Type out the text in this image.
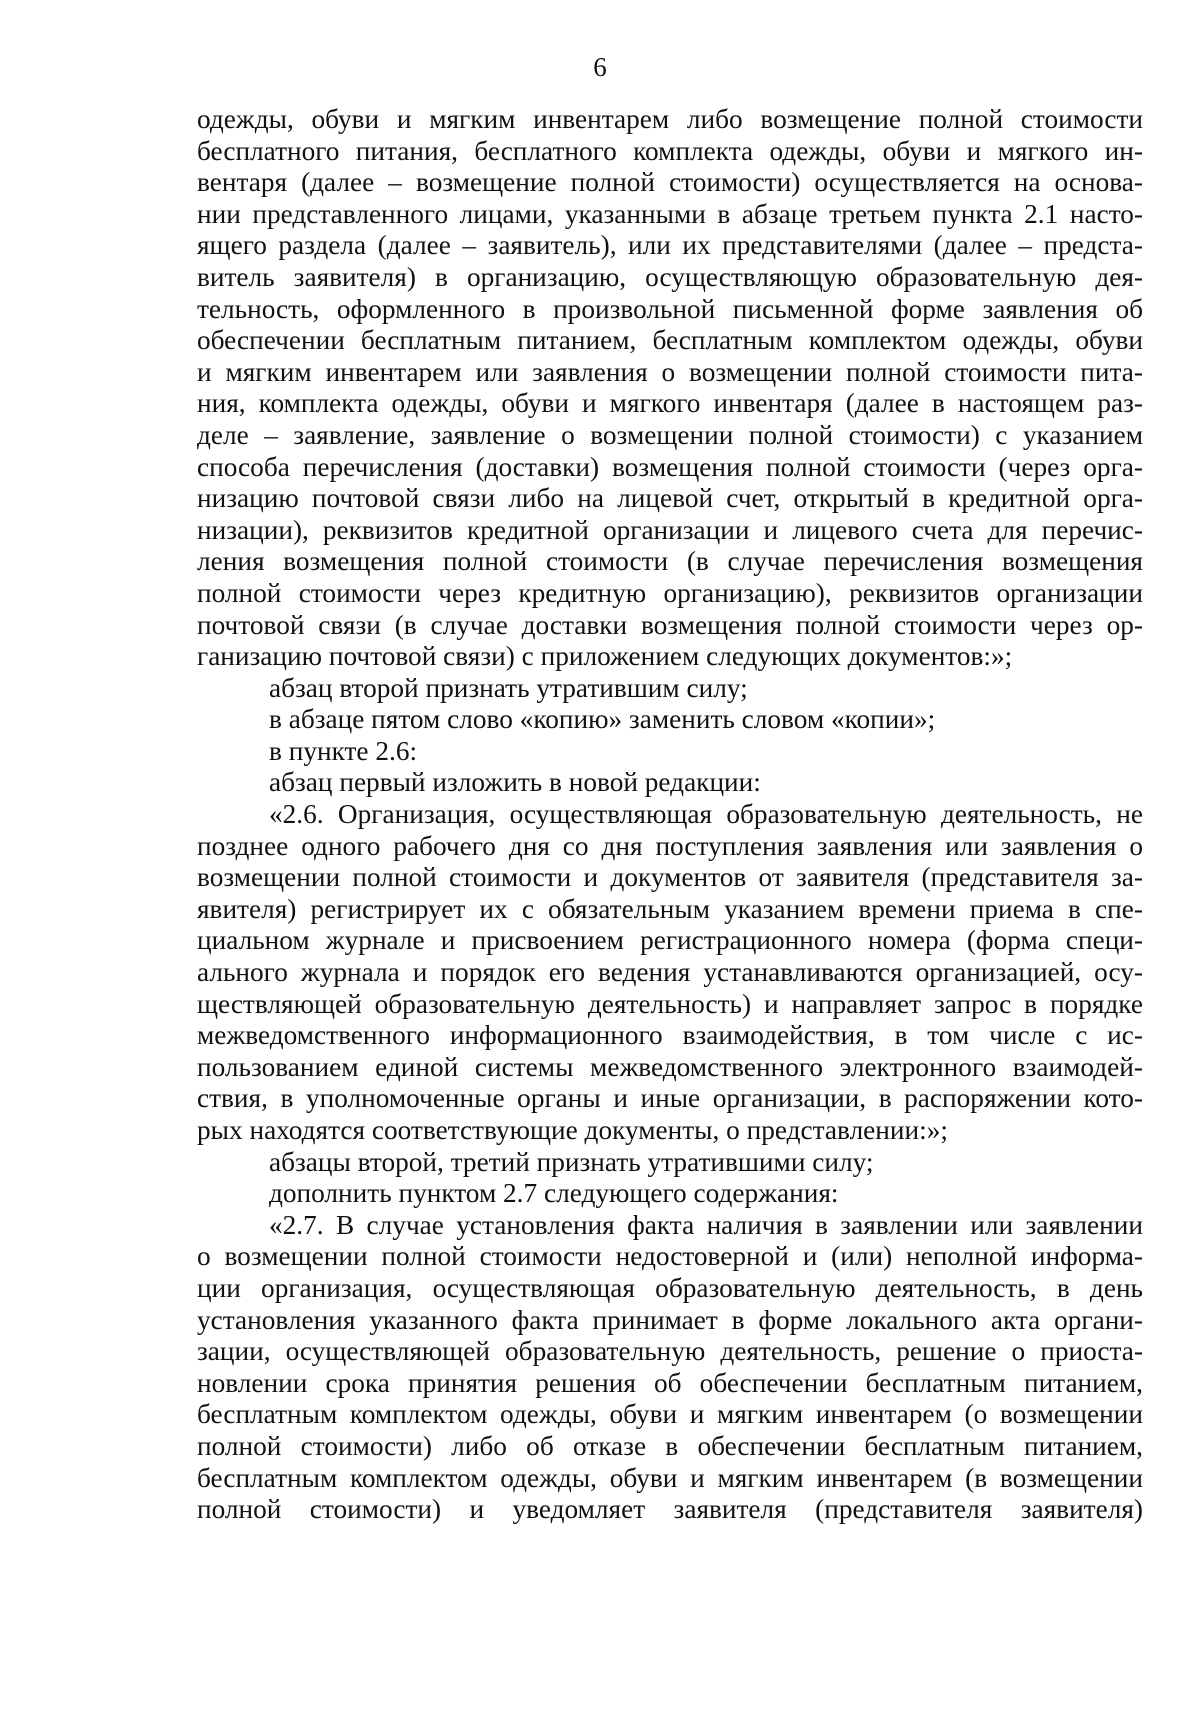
6
одежды, обуви и мягким инвентарем либо возмещение полной стоимости
бесплатного питания, бесплатного комплекта одежды, обуви и мягкого ин-
вентаря (далее – возмещение полной стоимости) осуществляется на основа-
нии представленного лицами, указанными в абзаце третьем пункта 2.1 насто-
ящего раздела (далее – заявитель), или их представителями (далее – предста-
витель заявителя) в организацию, осуществляющую образовательную дея-
тельность, оформленного в произвольной письменной форме заявления об
обеспечении бесплатным питанием, бесплатным комплектом одежды, обуви
и мягким инвентарем или заявления о возмещении полной стоимости пита-
ния, комплекта одежды, обуви и мягкого инвентаря (далее в настоящем раз-
деле – заявление, заявление о возмещении полной стоимости) с указанием
способа перечисления (доставки) возмещения полной стоимости (через орга-
низацию почтовой связи либо на лицевой счет, открытый в кредитной орга-
низации), реквизитов кредитной организации и лицевого счета для перечис-
ления возмещения полной стоимости (в случае перечисления возмещения
полной стоимости через кредитную организацию), реквизитов организации
почтовой связи (в случае доставки возмещения полной стоимости через ор-
ганизацию почтовой связи) с приложением следующих документов:»;
абзац второй признать утратившим силу;
в абзаце пятом слово «копию» заменить словом «копии»;
в пункте 2.6:
абзац первый изложить в новой редакции:
«2.6. Организация, осуществляющая образовательную деятельность, не
позднее одного рабочего дня со дня поступления заявления или заявления о
возмещении полной стоимости и документов от заявителя (представителя за-
явителя) регистрирует их с обязательным указанием времени приема в спе-
циальном журнале и присвоением регистрационного номера (форма специ-
ального журнала и порядок его ведения устанавливаются организацией, осу-
ществляющей образовательную деятельность) и направляет запрос в порядке
межведомственного информационного взаимодействия, в том числе с ис-
пользованием единой системы межведомственного электронного взаимодей-
ствия, в уполномоченные органы и иные организации, в распоряжении кото-
рых находятся соответствующие документы, о представлении:»;
абзацы второй, третий признать утратившими силу;
дополнить пунктом 2.7 следующего содержания:
«2.7. В случае установления факта наличия в заявлении или заявлении
о возмещении полной стоимости недостоверной и (или) неполной информа-
ции организация, осуществляющая образовательную деятельность, в день
установления указанного факта принимает в форме локального акта органи-
зации, осуществляющей образовательную деятельность, решение о приоста-
новлении срока принятия решения об обеспечении бесплатным питанием,
бесплатным комплектом одежды, обуви и мягким инвентарем (о возмещении
полной стоимости) либо об отказе в обеспечении бесплатным питанием,
бесплатным комплектом одежды, обуви и мягким инвентарем (в возмещении
полной стоимости) и уведомляет заявителя (представителя заявителя)
